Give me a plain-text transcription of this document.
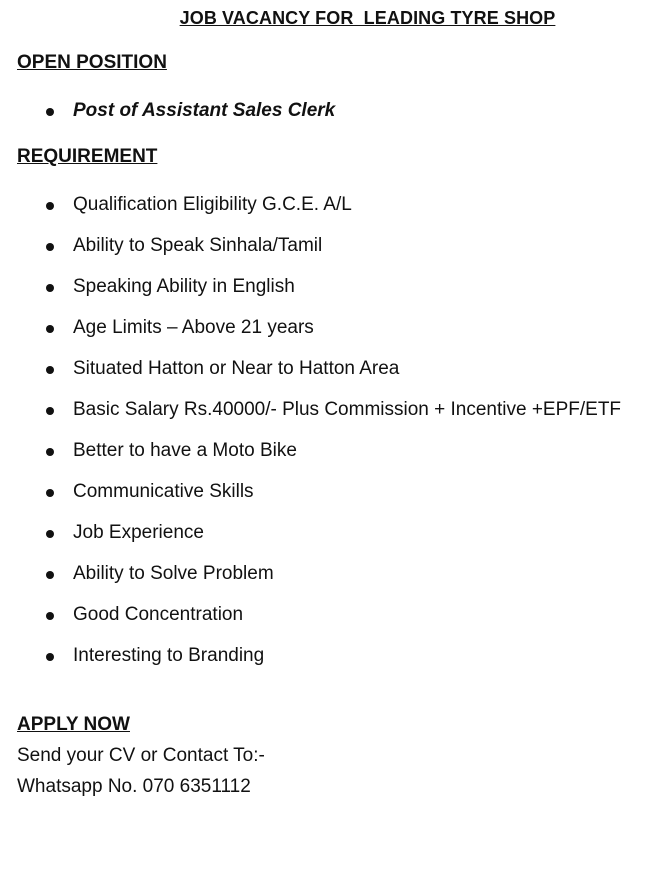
JOB VACANCY FOR  LEADING TYRE SHOP
OPEN POSITION
Post of Assistant Sales Clerk
REQUIREMENT
Qualification Eligibility G.C.E. A/L
Ability to Speak Sinhala/Tamil
Speaking Ability in English
Age Limits – Above 21 years
Situated Hatton or Near to Hatton Area
Basic Salary Rs.40000/- Plus Commission + Incentive +EPF/ETF
Better to have a Moto Bike
Communicative Skills
Job Experience
Ability to Solve Problem
Good Concentration
Interesting to Branding
APPLY NOW
Send your CV or Contact To:-
Whatsapp No. 070 6351112
